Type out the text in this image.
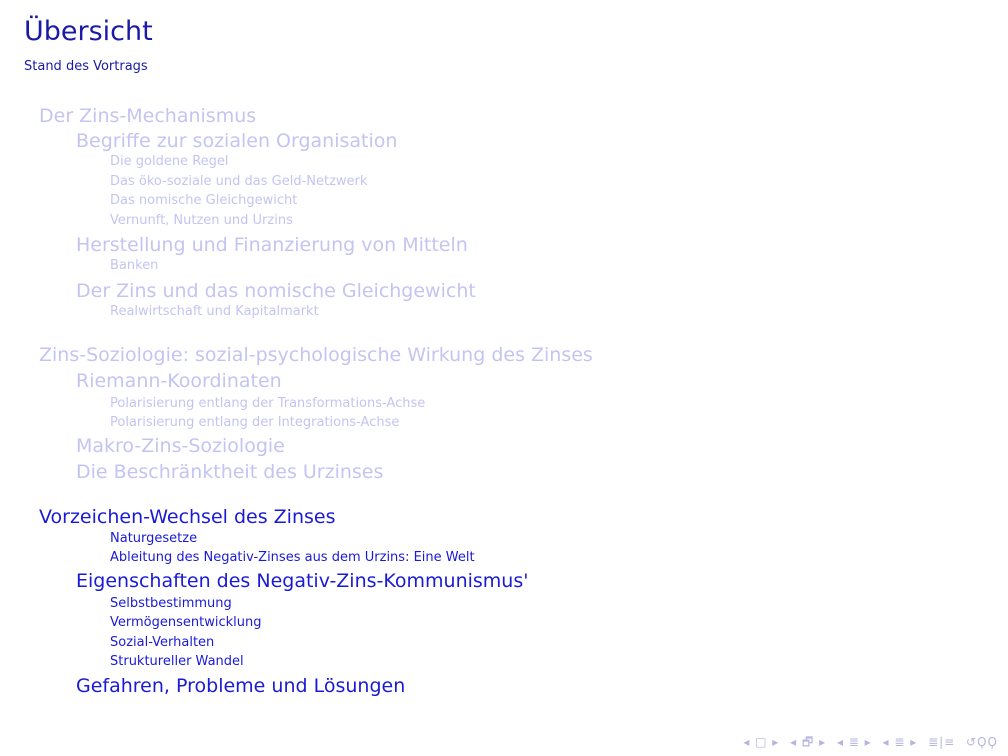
Übersicht
Stand des Vortrags
Der Zins-Mechanismus
Begriffe zur sozialen Organisation
Die goldene Regel
Das öko-soziale und das Geld-Netzwerk
Das nomische Gleichgewicht
Vernunft, Nutzen und Urzins
Herstellung und Finanzierung von Mitteln
Banken
Der Zins und das nomische Gleichgewicht
Realwirtschaft und Kapitalmarkt
Zins-Soziologie: sozial-psychologische Wirkung des Zinses
Riemann-Koordinaten
Polarisierung entlang der Transformations-Achse
Polarisierung entlang der Integrations-Achse
Makro-Zins-Soziologie
Die Beschränktheit des Urzinses
Vorzeichen-Wechsel des Zinses
Naturgesetze
Ableitung des Negativ-Zinses aus dem Urzins: Eine Welt
Eigenschaften des Negativ-Zins-Kommunismus'
Selbstbestimmung
Vermögensentwicklung
Sozial-Verhalten
Struktureller Wandel
Gefahren, Probleme und Lösungen
◂ □ ▸ ◂ 🗗 ▸ ◂ ≣ ▸ ◂ ≣ ▸ ≣|≡ ↺ϘϘ
